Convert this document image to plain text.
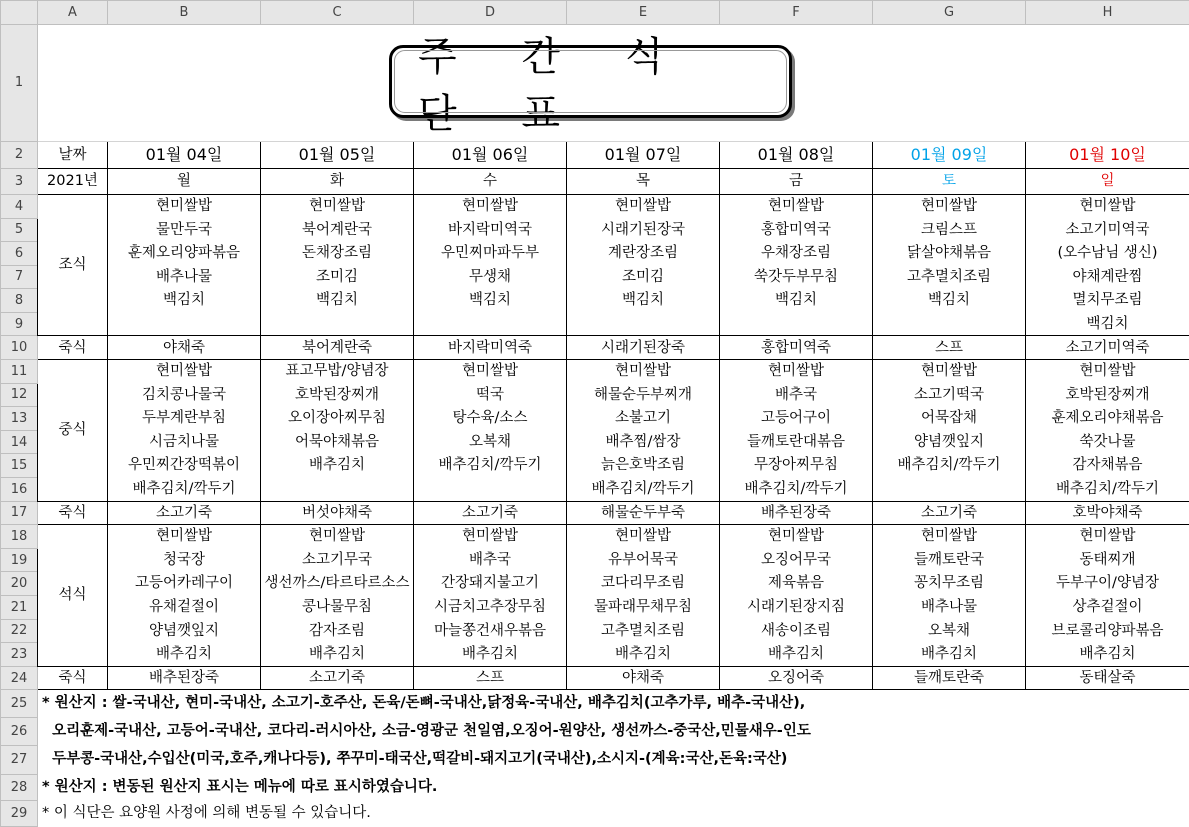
	A	B	C	D	E	F	G	H
1								
2	날짜	01월 04일	01월 05일	01월 06일	01월 07일	01월 08일	01월 09일	01월 10일
3	2021년	월	화	수	목	금	토	일
4	조식	현미쌀밥	현미쌀밥	현미쌀밥	현미쌀밥	현미쌀밥	현미쌀밥	현미쌀밥
5		물만두국	북어계란국	바지락미역국	시래기된장국	홍합미역국	크림스프	소고기미역국
6		훈제오리양파볶음	돈채장조림	우민찌마파두부	계란장조림	우채장조림	닭살야채볶음	(오수남님 생신)
7		배추나물	조미김	무생채	조미김	쑥갓두부무침	고추멸치조림	야채계란찜
8		백김치	백김치	백김치	백김치	백김치	백김치	멸치무조림
9								백김치
10	죽식	야채죽	북어계란죽	바지락미역죽	시래기된장죽	홍합미역죽	스프	소고기미역죽
11	중식	현미쌀밥	표고무밥/양념장	현미쌀밥	현미쌀밥	현미쌀밥	현미쌀밥	현미쌀밥
12		김치콩나물국	호박된장찌개	떡국	해물순두부찌개	배추국	소고기떡국	호박된장찌개
13		두부계란부침	오이장아찌무침	탕수육/소스	소불고기	고등어구이	어묵잡채	훈제오리야채볶음
14		시금치나물	어묵야채볶음	오복채	배추찜/쌈장	들깨토란대볶음	양념깻잎지	쑥갓나물
15		우민찌간장떡볶이	배추김치	배추김치/깍두기	늙은호박조림	무장아찌무침	배추김치/깍두기	감자채볶음
16		배추김치/깍두기			배추김치/깍두기	배추김치/깍두기		배추김치/깍두기
17	죽식	소고기죽	버섯야채죽	소고기죽	해물순두부죽	배추된장죽	소고기죽	호박야채죽
18	석식	현미쌀밥	현미쌀밥	현미쌀밥	현미쌀밥	현미쌀밥	현미쌀밥	현미쌀밥
19		청국장	소고기무국	배추국	유부어묵국	오징어무국	들깨토란국	동태찌개
20		고등어카레구이	생선까스/타르타르소스	간장돼지불고기	코다리무조림	제육볶음	꽁치무조림	두부구이/양념장
21		유채겉절이	콩나물무침	시금치고추장무침	물파래무채무침	시래기된장지짐	배추나물	상추겉절이
22		양념깻잎지	감자조림	마늘쫑건새우볶음	고추멸치조림	새송이조림	오복채	브로콜리양파볶음
23		배추김치	배추김치	배추김치	배추김치	배추김치	배추김치	배추김치
24	죽식	배추된장죽	소고기죽	스프	야채죽	오징어죽	들깨토란죽	동태살죽
25	* 원산지 : 쌀-국내산, 현미-국내산, 소고기-호주산, 돈육/돈뼈-국내산,닭정육-국내산, 배추김치(고추가루, 배추-국내산),							
26	오리훈제-국내산, 고등어-국내산, 코다리-러시아산, 소금-영광군 천일염,오징어-원양산, 생선까스-중국산,민물새우-인도							
27	두부콩-국내산,수입산(미국,호주,캐나다등), 쭈꾸미-태국산,떡갈비-돼지고기(국내산),소시지-(계육:국산,돈육:국산)							
28	* 원산지 : 변동된 원산지 표시는 메뉴에 따로 표시하였습니다.							
29	* 이 식단은 요양원 사정에 의해 변동될 수 있습니다.							
주 간 식 단 표
